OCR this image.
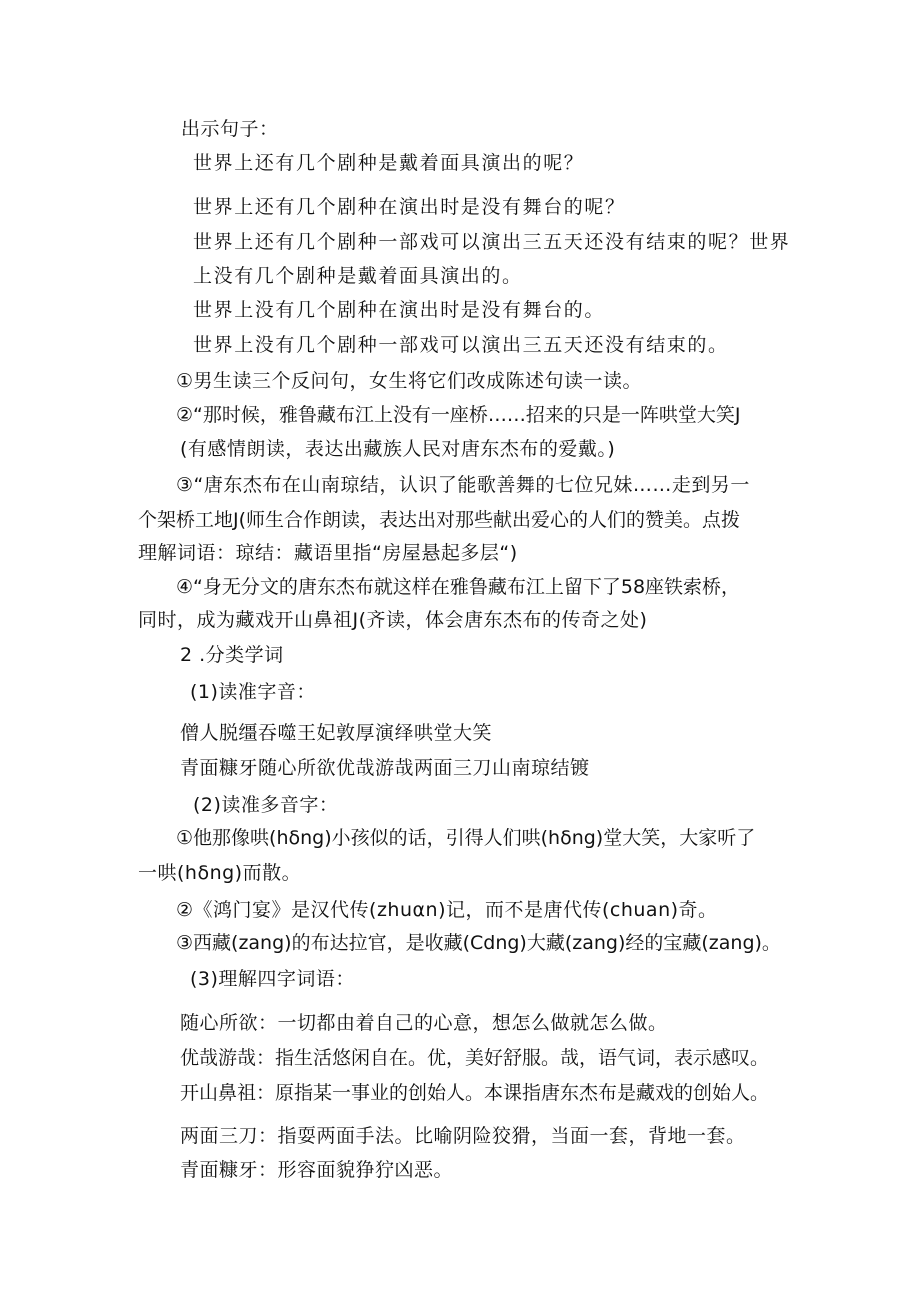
出示句子：

世界上还有几个剧种是戴着面具演出的呢？

世界上还有几个剧种在演出时是没有舞台的呢？

世界上还有几个剧种一部戏可以演出三五天还没有结束的呢？世界

上没有几个剧种是戴着面具演出的。

世界上没有几个剧种在演出时是没有舞台的。

世界上没有几个剧种一部戏可以演出三五天还没有结束的。

①男生读三个反问句，女生将它们改成陈述句读一读。

②“那时候，雅鲁藏布江上没有一座桥……招来的只是一阵哄堂大笑J

(有感情朗读，表达出藏族人民对唐东杰布的爱戴。)

③“唐东杰布在山南琼结，认识了能歌善舞的七位兄妹……走到另一

个架桥工地J(师生合作朗读，表达出对那些献出爱心的人们的赞美。点拨

理解词语：琼结：藏语里指“房屋悬起多层“)

④“身无分文的唐东杰布就这样在雅鲁藏布江上留下了58座铁索桥，

同时，成为藏戏开山鼻祖J(齐读，体会唐东杰布的传奇之处)

2 .分类学词

(1)读准字音：

僧人脱缰吞噬王妃敦厚演绎哄堂大笑

青面糠牙随心所欲优哉游哉两面三刀山南琼结镀

(2)读准多音字：

①他那像哄(hδng)小孩似的话，引得人们哄(hδng)堂大笑，大家听了

一哄(hδng)而散。

②《鸿门宴》是汉代传(zhuαn)记，而不是唐代传(chuan)奇。

③西藏(zang)的布达拉官，是收藏(Cdng)大藏(zang)经的宝藏(zang)。

(3)理解四字词语：

随心所欲：一切都由着自己的心意，想怎么做就怎么做。

优哉游哉：指生活悠闲自在。优，美好舒服。哉，语气词，表示感叹。

开山鼻祖：原指某一事业的创始人。本课指唐东杰布是藏戏的创始人。

两面三刀：指耍两面手法。比喻阴险狡猾，当面一套，背地一套。

青面糠牙：形容面貌狰狞凶恶。
